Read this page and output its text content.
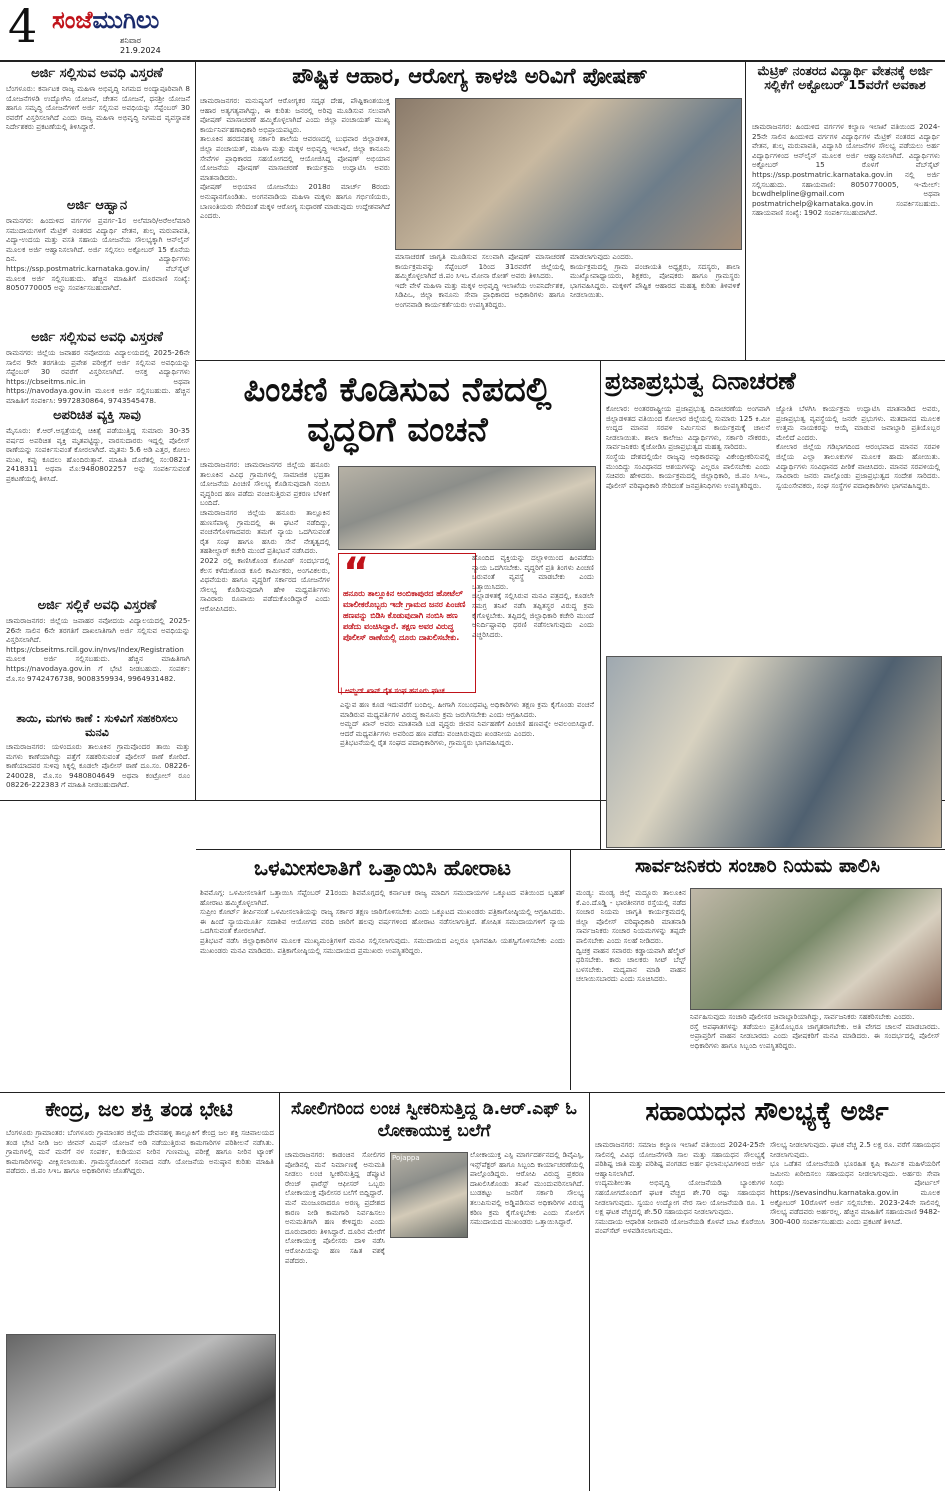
4 ಸಂಜೆಮುಗಿಲು
ಶನಿವಾರ
21.9.2024
ಅರ್ಜಿ ಸಲ್ಲಿಸುವ ಅವಧಿ ವಿಸ್ತರಣೆ
ಬೆಂಗಳೂರು: ಕರ್ನಾಟಕ ರಾಜ್ಯ ಮಹಿಳಾ ಅಭಿವೃದ್ಧಿ ನಿಗಮದ ಅಂದ್ಯಾಪೂರಿವಾಗಿ 8 ಯೋಜನೆಗಳಡಿ ಉದ್ಯೋಗಿನಿ ಯೋಜನೆ, ಚೇತನ ಯೋಜನೆ, ಧನಶ್ರೀ ಯೋಜನೆ ಹಾಗೂ ಸಮೃದ್ಧಿ ಯೋಜನೆಗಳಿಗೆ ಅರ್ಜಿ ಸಲ್ಲಿಸುವ ಅವಧಿಯನ್ನು ಸೆಪ್ಟೆಂಬರ್ 30 ರವರೆಗೆ ವಿಸ್ತರಿಸಲಾಗಿದೆ ಎಂದು ರಾಜ್ಯ ಮಹಿಳಾ ಅಭಿವೃದ್ಧಿ ನಿಗಮದ ವ್ಯವಸ್ಥಾಪಕ ನಿರ್ದೇಶಕರು ಪ್ರಕಟಣೆಯಲ್ಲಿ ತಿಳಿಸಿದ್ದಾರೆ.
ಅರ್ಜಿ ಆಹ್ವಾನ
ರಾಮನಗರ: ಹಿಂದುಳಿದ ವರ್ಗಗಳ ಪ್ರವರ್ಗ-1ರ ಅಲೆಮಾರಿ/ಅರೆಅಲೆಮಾರಿ ಸಮುದಾಯಗಳಿಗೆ ಮೆಟ್ರಿಕ್ ನಂತರದ ವಿದ್ಯಾರ್ಥಿ ವೇತನ, ಶುಲ್ಕ ಮರುಪಾವತಿ, ವಿದ್ಯಾ-ಉದಯ ಮತ್ತು ವಸತಿ ಸಹಾಯ ಯೋಜನೆಯ ಸೌಲಭ್ಯಕ್ಕಾಗಿ ಆನ್‍ಲೈನ್ ಮೂಲಕ ಅರ್ಜಿ ಆಹ್ವಾನಿಸಲಾಗಿದೆ. ಅರ್ಜಿ ಸಲ್ಲಿಸಲು ಅಕ್ಟೋಬರ್ 15 ಕೊನೆಯ ದಿನ. ವಿದ್ಯಾರ್ಥಿಗಳು https://ssp.postmatric.karnataka.gov.in/ ವೆಬ್‍ಸೈಟ್ ಮೂಲಕ ಅರ್ಜಿ ಸಲ್ಲಿಸಬಹುದು. ಹೆಚ್ಚಿನ ಮಾಹಿತಿಗೆ ದೂರವಾಣಿ ಸಂಖ್ಯೆ: 8050770005 ಅನ್ನು ಸಂಪರ್ಕಿಸಬಹುದಾಗಿದೆ.
ಅರ್ಜಿ ಸಲ್ಲಿಸುವ ಅವಧಿ ವಿಸ್ತರಣೆ
ರಾಮನಗರ: ಜಿಲ್ಲೆಯ ಜವಾಹರ ನವೋದಯ ವಿದ್ಯಾಲಯದಲ್ಲಿ 2025-26ನೇ ಸಾಲಿನ 9ನೇ ತರಗತಿಯ ಪ್ರವೇಶ ಪರೀಕ್ಷೆಗೆ ಅರ್ಜಿ ಸಲ್ಲಿಸುವ ಅವಧಿಯನ್ನು ಸೆಪ್ಟೆಂಬರ್ 30 ರವರೆಗೆ ವಿಸ್ತರಿಸಲಾಗಿದೆ. ಆಸಕ್ತ ವಿದ್ಯಾರ್ಥಿಗಳು https://cbseitms.nic.in ಅಥವಾ https://navodaya.gov.in ಮೂಲಕ ಅರ್ಜಿ ಸಲ್ಲಿಸಬಹುದು. ಹೆಚ್ಚಿನ ಮಾಹಿತಿಗೆ ಸಂಪರ್ಕಿಸಿ: 9972830864, 9743545478.
ಅಪರಿಚಿತ ವ್ಯಕ್ತಿ ಸಾವು
ಮೈಸೂರು: ಕೆ.ಆರ್.ಆಸ್ಪತ್ರೆಯಲ್ಲಿ ಚಿಕಿತ್ಸೆ ಪಡೆಯುತ್ತಿದ್ದ ಸುಮಾರು 30-35 ವರ್ಷದ ಅಪರಿಚಿತ ವ್ಯಕ್ತಿ ಮೃತಪಟ್ಟಿದ್ದು, ವಾರಸುದಾರರು ಇದ್ದಲ್ಲಿ ಪೊಲೀಸ್ ಠಾಣೆಯನ್ನು ಸಂಪರ್ಕಿಸುವಂತೆ ಕೋರಲಾಗಿದೆ. ಮೃತನು 5.6 ಅಡಿ ಎತ್ತರ, ಕೋಲು ಮುಖ, ಕಪ್ಪು ಕೂದಲು ಹೊಂದಿರುತ್ತಾನೆ. ಮಾಹಿತಿ ದೊರೆತಲ್ಲಿ ಸಂ:0821-2418311 ಅಥವಾ ಮೊ:9480802257 ಅನ್ನು ಸಂಪರ್ಕಿಸುವಂತೆ ಪ್ರಕಟಣೆಯಲ್ಲಿ ತಿಳಿಸಿದೆ.
ಅರ್ಜಿ ಸಲ್ಲಿಕೆ ಅವಧಿ ವಿಸ್ತರಣೆ
ಚಾಮರಾಜನಗರ: ಜಿಲ್ಲೆಯ ಜವಾಹರ ನವೋದಯ ವಿದ್ಯಾಲಯದಲ್ಲಿ 2025-26ನೇ ಸಾಲಿನ 6ನೇ ತರಗತಿಗೆ ದಾಖಲಾತಿಗಾಗಿ ಅರ್ಜಿ ಸಲ್ಲಿಸುವ ಅವಧಿಯನ್ನು ವಿಸ್ತರಿಸಲಾಗಿದೆ. https://cbseitms.rcil.gov.in/nvs/Index/Registration ಮೂಲಕ ಅರ್ಜಿ ಸಲ್ಲಿಸಬಹುದು. ಹೆಚ್ಚಿನ ಮಾಹಿತಿಗಾಗಿ https://navodaya.gov.in ಗೆ ಭೇಟಿ ನೀಡಬಹುದು. ಸಂಪರ್ಕ: ಮೊ.ಸಂ 9742476738, 9008359934, 9964931482.
ತಾಯಿ, ಮಗಳು ಕಾಣೆ : ಸುಳಿವಿಗೆ ಸಹಕರಿಸಲು ಮನವಿ
ಚಾಮರಾಜನಗರ: ಯಳಂದೂರು ತಾಲೂಕಿನ ಗ್ರಾಮವೊಂದರ ತಾಯಿ ಮತ್ತು ಮಗಳು ಕಾಣೆಯಾಗಿದ್ದು ಪತ್ತೆಗೆ ಸಹಕರಿಸುವಂತೆ ಪೊಲೀಸ್ ಠಾಣೆ ಕೋರಿದೆ. ಕಾಣೆಯಾದವರ ಸುಳಿವು ಸಿಕ್ಕಲ್ಲಿ ಕೂಡಲೇ ಪೊಲೀಸ್ ಠಾಣೆ ದೂ.ಸಂ. 08226-240028, ಮೊ.ಸಂ 9480804649 ಅಥವಾ ಕಂಟ್ರೋಲ್ ರೂಂ 08226-222383 ಗೆ ಮಾಹಿತಿ ನೀಡಬಹುದಾಗಿದೆ.
ಪೌಷ್ಟಿಕ ಆಹಾರ, ಆರೋಗ್ಯ ಕಾಳಜಿ ಅರಿವಿಗೆ ಪೋಷಣ್
ಚಾಮರಾಜನಗರ: ಮನುಷ್ಯನಿಗೆ ಆರೋಗ್ಯಕರ ಸದೃಢ ದೇಹ, ಪೌಷ್ಟಿಕಾಂಶಯುಕ್ತ ಆಹಾರ ಅತ್ಯಗತ್ಯವಾಗಿದ್ದು, ಈ ಕುರಿತು ಜನರಲ್ಲಿ ಅರಿವು ಮೂಡಿಸುವ ಸಲುವಾಗಿ ಪೋಷಣ್ ಮಾಸಾಚರಣೆ ಹಮ್ಮಿಕೊಳ್ಳಲಾಗಿದೆ ಎಂದು ಜಿಲ್ಲಾ ಪಂಚಾಯತ್ ಮುಖ್ಯ ಕಾರ್ಯನಿರ್ವಹಣಾಧಿಕಾರಿ ಅಭಿಪ್ರಾಯಪಟ್ಟರು.
ತಾಲೂಕಿನ ಹರದನಹಳ್ಳಿ ಸರ್ಕಾರಿ ಶಾಲೆಯ ಆವರಣದಲ್ಲಿ ಬುಧವಾರ ಜಿಲ್ಲಾಡಳಿತ, ಜಿಲ್ಲಾ ಪಂಚಾಯತ್, ಮಹಿಳಾ ಮತ್ತು ಮಕ್ಕಳ ಅಭಿವೃದ್ಧಿ ಇಲಾಖೆ, ಜಿಲ್ಲಾ ಕಾನೂನು ಸೇವೆಗಳ ಪ್ರಾಧಿಕಾರದ ಸಹಯೋಗದಲ್ಲಿ ಆಯೋಜಿಸಿದ್ದ ಪೋಷಣ್ ಅಭಿಯಾನ ಯೋಜನೆಯ ಪೋಷಣ್ ಮಾಸಾಚರಣೆ ಕಾರ್ಯಕ್ರಮ ಉದ್ಘಾಟಿಸಿ ಅವರು ಮಾತನಾಡಿದರು.
ಪೋಷಣ್ ಅಭಿಯಾನ ಯೋಜನೆಯು 2018ರ ಮಾರ್ಚ್ 8ರಂದು ಅನುಷ್ಠಾನಗೊಂಡಿತು. ಅಂಗನವಾಡಿಯ ಮಹಿಳಾ ಮಕ್ಕಳು ಹಾಗೂ ಗರ್ಭಿಣಿಯರು, ಬಾಣಂತಿಯರು ಸೇರಿದಂತೆ ಮಕ್ಕಳ ಆರೋಗ್ಯ ಸುಧಾರಣೆ ಮಾಡುವುದು ಉದ್ದೇಶವಾಗಿದೆ ಎಂದರು.
ಮಾಸಾಚರಣೆ ಜಾಗೃತಿ ಮೂಡಿಸುವ ಸಲುವಾಗಿ ಪೋಷಣ್ ಮಾಸಾಚರಣೆ ಕಾರ್ಯಕ್ರಮವನ್ನು ಸೆಪ್ಟೆಂಬರ್ 1ರಿಂದ 31ರವರೆಗೆ ಜಿಲ್ಲೆಯಲ್ಲಿ ಹಮ್ಮಿಕೊಳ್ಳಲಾಗಿದೆ ಜಿ.ಪಂ ಸಿಇಒ ಮೋನಾ ರೋತ್ ಅವರು ತಿಳಿಸಿದರು.
ಇದೇ ವೇಳೆ ಮಹಿಳಾ ಮತ್ತು ಮಕ್ಕಳ ಅಭಿವೃದ್ಧಿ ಇಲಾಖೆಯ ಉಪನಿರ್ದೇಶಕ, ಸಿಡಿಪಿಒ, ಜಿಲ್ಲಾ ಕಾನೂನು ಸೇವಾ ಪ್ರಾಧಿಕಾರದ ಅಧಿಕಾರಿಗಳು ಹಾಗೂ ಅಂಗನವಾಡಿ ಕಾರ್ಯಕರ್ತೆಯರು ಉಪಸ್ಥಿತರಿದ್ದರು.
ಮಾಡಲಾಗುವುದು ಎಂದರು.
ಕಾರ್ಯಕ್ರಮದಲ್ಲಿ ಗ್ರಾಮ ಪಂಚಾಯತಿ ಅಧ್ಯಕ್ಷರು, ಸದಸ್ಯರು, ಶಾಲಾ ಮುಖ್ಯೋಪಾಧ್ಯಾಯರು, ಶಿಕ್ಷಕರು, ಪೋಷಕರು ಹಾಗೂ ಗ್ರಾಮಸ್ಥರು ಭಾಗವಹಿಸಿದ್ದರು. ಮಕ್ಕಳಿಗೆ ಪೌಷ್ಟಿಕ ಆಹಾರದ ಮಹತ್ವ ಕುರಿತು ತಿಳಿವಳಿಕೆ ನೀಡಲಾಯಿತು.
ಮೆಟ್ರಿಕ್ ನಂತರದ ವಿದ್ಯಾರ್ಥಿ ವೇತನಕ್ಕೆ ಅರ್ಜಿ ಸಲ್ಲಿಕೆಗೆ ಅಕ್ಟೋಬರ್ 15ವರೆಗೆ ಅವಕಾಶ
ಚಾಮರಾಜನಗರ: ಹಿಂದುಳಿದ ವರ್ಗಗಳ ಕಲ್ಯಾಣ ಇಲಾಖೆ ವತಿಯಿಂದ 2024-25ನೇ ಸಾಲಿನ ಹಿಂದುಳಿದ ವರ್ಗಗಳ ವಿದ್ಯಾರ್ಥಿಗಳ ಮೆಟ್ರಿಕ್ ನಂತರದ ವಿದ್ಯಾರ್ಥಿ ವೇತನ, ಶುಲ್ಕ ಮರುಪಾವತಿ, ವಿದ್ಯಾಸಿರಿ ಯೋಜನೆಗಳ ಸೌಲಭ್ಯ ಪಡೆಯಲು ಅರ್ಹ ವಿದ್ಯಾರ್ಥಿಗಳಿಂದ ಆನ್‍ಲೈನ್ ಮೂಲಕ ಅರ್ಜಿ ಆಹ್ವಾನಿಸಲಾಗಿದೆ. ವಿದ್ಯಾರ್ಥಿಗಳು ಅಕ್ಟೋಬರ್ 15 ರೊಳಗೆ ವೆಬ್‍ಸೈಟ್ https://ssp.postmatric.karnataka.gov.in ನಲ್ಲಿ ಅರ್ಜಿ ಸಲ್ಲಿಸಬಹುದು. ಸಹಾಯವಾಣಿ: 8050770005, ಇ-ಮೇಲ್: bcwdhelpline@gmail.com ಅಥವಾ postmatrichelp@karnataka.gov.in ಸಂಪರ್ಕಿಸಬಹುದು. ಸಹಾಯವಾಣಿ ಸಂಖ್ಯೆ: 1902 ಸಂಪರ್ಕಿಸಬಹುದಾಗಿದೆ.
ಪಿಂಚಣಿ ಕೊಡಿಸುವ ನೆಪದಲ್ಲಿ ವೃದ್ಧರಿಗೆ ವಂಚನೆ
ಚಾಮರಾಜನಗರ: ಚಾಮರಾಜನಗರ ಜಿಲ್ಲೆಯ ಹನೂರು ತಾಲೂಕಿನ ವಿವಿಧ ಗ್ರಾಮಗಳಲ್ಲಿ ಸಾಮಾಜಿಕ ಭದ್ರತಾ ಯೋಜನೆಯ ಪಿಂಚಣಿ ಸೌಲಭ್ಯ ಕೊಡಿಸುವುದಾಗಿ ನಂಬಿಸಿ ವೃದ್ಧರಿಂದ ಹಣ ಪಡೆದು ವಂಚಿಸುತ್ತಿರುವ ಪ್ರಕರಣ ಬೆಳಕಿಗೆ ಬಂದಿದೆ.
ಚಾಮರಾಜನಗರ ಜಿಲ್ಲೆಯ ಹನೂರು ತಾಲ್ಲೂಕಿನ ಹುಣಸೆಪಾಳ್ಯ ಗ್ರಾಮದಲ್ಲಿ ಈ ಘಟನೆ ನಡೆದಿದ್ದು, ವಂಚನೆಗೊಳಗಾದವರು ತಮಗೆ ನ್ಯಾಯ ಒದಗಿಸುವಂತೆ ರೈತ ಸಂಘ ಹಾಗೂ ಹಸಿರು ಸೇನೆ ನೇತೃತ್ವದಲ್ಲಿ ತಹಶೀಲ್ದಾರ್ ಕಚೇರಿ ಮುಂದೆ ಪ್ರತಿಭಟನೆ ನಡೆಸಿದರು.
2022 ರಲ್ಲಿ ಕಾಣಿಸಿಕೊಂಡ ಕೋವಿಡ್ ಸಂದರ್ಭದಲ್ಲಿ ಕೆಲಸ ಕಳೆದುಕೊಂಡ ಕೂಲಿ ಕಾರ್ಮಿಕರು, ಅಂಗವಿಕಲರು, ವಿಧವೆಯರು ಹಾಗೂ ವೃದ್ಧರಿಗೆ ಸರ್ಕಾರದ ಯೋಜನೆಗಳ ಸೌಲಭ್ಯ ಕೊಡಿಸುವುದಾಗಿ ಹೇಳಿ ಮಧ್ಯವರ್ತಿಗಳು ಸಾವಿರಾರು ರೂಪಾಯಿ ಪಡೆದುಕೊಂಡಿದ್ದಾರೆ ಎಂದು ಆರೋಪಿಸಿದರು.
“
ಹನೂರು ತಾಲ್ಲೂಕಿನ ಅಂಬಿಕಾಪುರದ ಹೋಟೆಲ್ ಮಾಲೀಕರೊಬ್ಬರು ಇದೇ ಗ್ರಾಮದ ಜನರ ಪಿಂಚಣಿ ಹಣವನ್ನು ಬಿಡಿಸಿ ಕೊಡುವುದಾಗಿ ನಂಬಿಸಿ ಹಣ ಪಡೆದು ವಂಚಿಸಿದ್ದಾರೆ. ತಕ್ಷಣ ಅವರ ವಿರುದ್ಧ ಪೊಲೀಸ್ ಠಾಣೆಯಲ್ಲಿ ದೂರು ದಾಖಲಿಸಬೇಕು.
| ಅಮ್ಜದ್ ಖಾನ್ ರೈತ ಸಂಘ ಹನೂರು ಘಟಕ
ಹೊಂದಿದ ವ್ಯಕ್ತಿಯನ್ನು ದಲ್ಲಾಳಿಯಿಂದ ಹಿಂಪಡೆದು ನ್ಯಾಯ ಒದಗಿಸಬೇಕು. ವೃದ್ಧರಿಗೆ ಪ್ರತಿ ತಿಂಗಳು ಪಿಂಚಣಿ ಬರುವಂತೆ ವ್ಯವಸ್ಥೆ ಮಾಡಬೇಕು ಎಂದು ಒತ್ತಾಯಿಸಿದರು.
ಜಿಲ್ಲಾಡಳಿತಕ್ಕೆ ಸಲ್ಲಿಸಿರುವ ಮನವಿ ಪತ್ರದಲ್ಲಿ, ಕೂಡಲೇ ಸಮಗ್ರ ತನಿಖೆ ನಡೆಸಿ ತಪ್ಪಿತಸ್ಥರ ವಿರುದ್ಧ ಕ್ರಮ ಕೈಗೊಳ್ಳಬೇಕು. ತಪ್ಪಿದಲ್ಲಿ ಜಿಲ್ಲಾಧಿಕಾರಿ ಕಚೇರಿ ಮುಂದೆ ಅನಿರ್ದಿಷ್ಟಾವಧಿ ಧರಣಿ ನಡೆಸಲಾಗುವುದು ಎಂದು ಎಚ್ಚರಿಸಿದರು.
ಎನ್ನುವ ಹಣ ಕೂಡ ಇದುವರೆಗೆ ಬಂದಿಲ್ಲ. ಹೀಗಾಗಿ ಸಂಬಂಧಪಟ್ಟ ಅಧಿಕಾರಿಗಳು ತಕ್ಷಣ ಕ್ರಮ ಕೈಗೊಂಡು ವಂಚನೆ ಮಾಡಿರುವ ಮಧ್ಯವರ್ತಿಗಳ ವಿರುದ್ಧ ಕಾನೂನು ಕ್ರಮ ಜರುಗಿಸಬೇಕು ಎಂದು ಆಗ್ರಹಿಸಿದರು.
ಅಮ್ಜದ್ ಖಾನ್ ಅವರು ಮಾತನಾಡಿ ಬಡ ವೃದ್ಧರು ಜೀವನ ನಿರ್ವಹಣೆಗೆ ಪಿಂಚಣಿ ಹಣವನ್ನೇ ಅವಲಂಬಿಸಿದ್ದಾರೆ. ಆದರೆ ಮಧ್ಯವರ್ತಿಗಳು ಅವರಿಂದ ಹಣ ಪಡೆದು ವಂಚಿಸಿರುವುದು ಖಂಡನೀಯ ಎಂದರು.
ಪ್ರತಿಭಟನೆಯಲ್ಲಿ ರೈತ ಸಂಘದ ಪದಾಧಿಕಾರಿಗಳು, ಗ್ರಾಮಸ್ಥರು ಭಾಗವಹಿಸಿದ್ದರು.
ಪ್ರಜಾಪ್ರಭುತ್ವ ದಿನಾಚರಣೆ
ಕೋಲಾರ: ಅಂತರರಾಷ್ಟ್ರೀಯ ಪ್ರಜಾಪ್ರಭುತ್ವ ದಿನಾಚರಣೆಯ ಅಂಗವಾಗಿ ಜಿಲ್ಲಾಡಳಿತದ ವತಿಯಿಂದ ಕೋಲಾರ ಜಿಲ್ಲೆಯಲ್ಲಿ ಸುಮಾರು 125 ಕಿ.ಮೀ ಉದ್ದದ ಮಾನವ ಸರಪಳಿ ನಿರ್ಮಿಸುವ ಕಾರ್ಯಕ್ರಮಕ್ಕೆ ಚಾಲನೆ ನೀಡಲಾಯಿತು. ಶಾಲಾ ಕಾಲೇಜು ವಿದ್ಯಾರ್ಥಿಗಳು, ಸರ್ಕಾರಿ ನೌಕರರು, ಸಾರ್ವಜನಿಕರು ಕೈಜೋಡಿಸಿ ಪ್ರಜಾಪ್ರಭುತ್ವದ ಮಹತ್ವ ಸಾರಿದರು.
ಸಂಸ್ಥೆಯ ದೇಶದಲ್ಲಿಯೇ ರಾಜ್ಯವು ಅಧಿಕಾರವನ್ನು ವಿಕೇಂದ್ರೀಕರಿಸುವಲ್ಲಿ ಮುಂದಿದ್ದು ಸಂವಿಧಾನದ ಆಶಯಗಳನ್ನು ಎಲ್ಲರೂ ಪಾಲಿಸಬೇಕು ಎಂದು ಸಚಿವರು ಹೇಳಿದರು. ಕಾರ್ಯಕ್ರಮದಲ್ಲಿ ಜಿಲ್ಲಾಧಿಕಾರಿ, ಜಿ.ಪಂ ಸಿಇಒ, ಪೊಲೀಸ್ ವರಿಷ್ಠಾಧಿಕಾರಿ ಸೇರಿದಂತೆ ಜನಪ್ರತಿನಿಧಿಗಳು ಉಪಸ್ಥಿತರಿದ್ದರು.
ಜ್ಯೋತಿ ಬೆಳಗಿಸಿ ಕಾರ್ಯಕ್ರಮ ಉದ್ಘಾಟಿಸಿ ಮಾತನಾಡಿದ ಅವರು, ಪ್ರಜಾಪ್ರಭುತ್ವ ವ್ಯವಸ್ಥೆಯಲ್ಲಿ ಜನರೇ ಪ್ರಭುಗಳು. ಮತದಾನದ ಮೂಲಕ ಉತ್ತಮ ನಾಯಕರನ್ನು ಆಯ್ಕೆ ಮಾಡುವ ಜವಾಬ್ದಾರಿ ಪ್ರತಿಯೊಬ್ಬರ ಮೇಲಿದೆ ಎಂದರು.
ಕೋಲಾರ ಜಿಲ್ಲೆಯ ಗಡಿಭಾಗದಿಂದ ಆರಂಭವಾದ ಮಾನವ ಸರಪಳಿ ಜಿಲ್ಲೆಯ ಎಲ್ಲಾ ತಾಲೂಕುಗಳ ಮೂಲಕ ಹಾದು ಹೋಯಿತು. ವಿದ್ಯಾರ್ಥಿಗಳು ಸಂವಿಧಾನದ ಪೀಠಿಕೆ ವಾಚಿಸಿದರು. ಮಾನವ ಸರಪಳಿಯಲ್ಲಿ ಸಾವಿರಾರು ಜನರು ಪಾಲ್ಗೊಂಡು ಪ್ರಜಾಪ್ರಭುತ್ವದ ಸಂದೇಶ ಸಾರಿದರು. ಸ್ವಯಂಸೇವಕರು, ಸಂಘ ಸಂಸ್ಥೆಗಳ ಪದಾಧಿಕಾರಿಗಳು ಭಾಗವಹಿಸಿದ್ದರು.
ಒಳಮೀಸಲಾತಿಗೆ ಒತ್ತಾಯಿಸಿ ಹೋರಾಟ
ಶಿವಮೊಗ್ಗ: ಒಳಮೀಸಲಾತಿಗೆ ಒತ್ತಾಯಿಸಿ ಸೆಪ್ಟೆಂಬರ್ 21ರಂದು ಶಿವಮೊಗ್ಗದಲ್ಲಿ ಕರ್ನಾಟಕ ರಾಜ್ಯ ಮಾದಿಗ ಸಮುದಾಯಗಳ ಒಕ್ಕೂಟದ ವತಿಯಿಂದ ಬೃಹತ್ ಹೋರಾಟ ಹಮ್ಮಿಕೊಳ್ಳಲಾಗಿದೆ.
ಸುಪ್ರೀಂ ಕೋರ್ಟ್ ತೀರ್ಪಿನಂತೆ ಒಳಮೀಸಲಾತಿಯನ್ನು ರಾಜ್ಯ ಸರ್ಕಾರ ತಕ್ಷಣ ಜಾರಿಗೊಳಿಸಬೇಕು ಎಂದು ಒಕ್ಕೂಟದ ಮುಖಂಡರು ಪತ್ರಿಕಾಗೋಷ್ಠಿಯಲ್ಲಿ ಆಗ್ರಹಿಸಿದರು. ಈ ಹಿಂದೆ ನ್ಯಾಯಮೂರ್ತಿ ಸದಾಶಿವ ಆಯೋಗದ ವರದಿ ಜಾರಿಗೆ ಹಲವು ವರ್ಷಗಳಿಂದ ಹೋರಾಟ ನಡೆಸಲಾಗುತ್ತಿದೆ. ಶೋಷಿತ ಸಮುದಾಯಗಳಿಗೆ ನ್ಯಾಯ ಒದಗಿಸುವಂತೆ ಕೋರಲಾಗಿದೆ.
ಪ್ರತಿಭಟನೆ ನಡೆಸಿ ಜಿಲ್ಲಾಧಿಕಾರಿಗಳ ಮೂಲಕ ಮುಖ್ಯಮಂತ್ರಿಗಳಿಗೆ ಮನವಿ ಸಲ್ಲಿಸಲಾಗುವುದು. ಸಮುದಾಯದ ಎಲ್ಲರೂ ಭಾಗವಹಿಸಿ ಯಶಸ್ವಿಗೊಳಿಸಬೇಕು ಎಂದು ಮುಖಂಡರು ಮನವಿ ಮಾಡಿದರು. ಪತ್ರಿಕಾಗೋಷ್ಠಿಯಲ್ಲಿ ಸಮುದಾಯದ ಪ್ರಮುಖರು ಉಪಸ್ಥಿತರಿದ್ದರು.
ಸಾರ್ವಜನಿಕರು ಸಂಚಾರಿ ನಿಯಮ ಪಾಲಿಸಿ
ಮಂಡ್ಯ: ಮಂಡ್ಯ ಜಿಲ್ಲೆ ಮದ್ದೂರು ತಾಲೂಕಿನ ಕೆ.ಎಂ.ದೊಡ್ಡಿ - ಭಾರತೀನಗರ ರಸ್ತೆಯಲ್ಲಿ ನಡೆದ ಸಂಚಾರ ನಿಯಮ ಜಾಗೃತಿ ಕಾರ್ಯಕ್ರಮದಲ್ಲಿ ಜಿಲ್ಲಾ ಪೊಲೀಸ್ ವರಿಷ್ಠಾಧಿಕಾರಿ ಮಾತನಾಡಿ ಸಾರ್ವಜನಿಕರು ಸಂಚಾರ ನಿಯಮಗಳನ್ನು ತಪ್ಪದೇ ಪಾಲಿಸಬೇಕು ಎಂದು ಸಲಹೆ ನೀಡಿದರು.
ದ್ವಿಚಕ್ರ ವಾಹನ ಸವಾರರು ಕಡ್ಡಾಯವಾಗಿ ಹೆಲ್ಮೆಟ್ ಧರಿಸಬೇಕು. ಕಾರು ಚಾಲಕರು ಸೀಟ್ ಬೆಲ್ಟ್ ಬಳಸಬೇಕು. ಮದ್ಯಪಾನ ಮಾಡಿ ವಾಹನ ಚಲಾಯಿಸಬಾರದು ಎಂದು ಸೂಚಿಸಿದರು.
ನಿರ್ವಹಿಸುವುದು ಸಂಚಾರಿ ಪೊಲೀಸರ ಜವಾಬ್ದಾರಿಯಾಗಿದ್ದು, ಸಾರ್ವಜನಿಕರು ಸಹಕರಿಸಬೇಕು ಎಂದರು.
ರಸ್ತೆ ಅಪಘಾತಗಳನ್ನು ತಡೆಯಲು ಪ್ರತಿಯೊಬ್ಬರೂ ಜಾಗೃತರಾಗಬೇಕು. ಅತಿ ವೇಗದ ಚಾಲನೆ ಮಾಡಬಾರದು. ಅಪ್ರಾಪ್ತರಿಗೆ ವಾಹನ ನೀಡಬಾರದು ಎಂದು ಪೋಷಕರಿಗೆ ಮನವಿ ಮಾಡಿದರು. ಈ ಸಂದರ್ಭದಲ್ಲಿ ಪೊಲೀಸ್ ಅಧಿಕಾರಿಗಳು ಹಾಗೂ ಸಿಬ್ಬಂದಿ ಉಪಸ್ಥಿತರಿದ್ದರು.
ಕೇಂದ್ರ, ಜಲ ಶಕ್ತಿ ತಂಡ ಭೇಟಿ
ಬೆಂಗಳೂರು ಗ್ರಾಮಾಂತರ: ಬೆಂಗಳೂರು ಗ್ರಾಮಾಂತರ ಜಿಲ್ಲೆಯ ದೇವನಹಳ್ಳಿ ತಾಲ್ಲೂಕಿಗೆ ಕೇಂದ್ರ ಜಲ ಶಕ್ತಿ ಸಚಿವಾಲಯದ ತಂಡ ಭೇಟಿ ನೀಡಿ ಜಲ ಜೀವನ್ ಮಿಷನ್ ಯೋಜನೆ ಅಡಿ ನಡೆಯುತ್ತಿರುವ ಕಾಮಗಾರಿಗಳ ಪರಿಶೀಲನೆ ನಡೆಸಿತು. ಗ್ರಾಮಗಳಲ್ಲಿ ಮನೆ ಮನೆಗೆ ನಳ ಸಂಪರ್ಕ, ಕುಡಿಯುವ ನೀರಿನ ಗುಣಮಟ್ಟ ಪರೀಕ್ಷೆ ಹಾಗೂ ನೀರಿನ ಟ್ಯಾಂಕ್ ಕಾಮಗಾರಿಗಳನ್ನು ವೀಕ್ಷಿಸಲಾಯಿತು. ಗ್ರಾಮಸ್ಥರೊಂದಿಗೆ ಸಂವಾದ ನಡೆಸಿ ಯೋಜನೆಯ ಅನುಷ್ಠಾನ ಕುರಿತು ಮಾಹಿತಿ ಪಡೆದರು. ಜಿ.ಪಂ ಸಿಇಒ ಹಾಗೂ ಅಧಿಕಾರಿಗಳು ಜೊತೆಗಿದ್ದರು.
ಸೋಲಿಗರಿಂದ ಲಂಚ ಸ್ವೀಕರಿಸುತ್ತಿದ್ದ ಡಿ.ಆರ್.ಎಫ್ ಓ ಲೋಕಾಯುಕ್ತ ಬಲೆಗೆ
ಚಾಮರಾಜನಗರ: ಕಾಡಂಚಿನ ಸೋಲಿಗರ ಪೋಡಿನಲ್ಲಿ ಮನೆ ನಿರ್ಮಾಣಕ್ಕೆ ಅನುಮತಿ ನೀಡಲು ಲಂಚ ಸ್ವೀಕರಿಸುತ್ತಿದ್ದ ಡೆಪ್ಯೂಟಿ ರೇಂಜ್ ಫಾರೆಸ್ಟ್ ಆಫೀಸರ್ ಒಬ್ಬರು ಲೋಕಾಯುಕ್ತ ಪೊಲೀಸರ ಬಲೆಗೆ ಬಿದ್ದಿದ್ದಾರೆ.
ಮನೆ ಮಂಜೂರಾದರೂ ಅರಣ್ಯ ಪ್ರದೇಶದ ಕಾರಣ ನೀಡಿ ಕಾಮಗಾರಿ ನಿರ್ವಹಿಸಲು ಅನುಮತಿಗಾಗಿ ಹಣ ಕೇಳಿದ್ದರು ಎಂದು ದೂರುದಾರರು ತಿಳಿಸಿದ್ದಾರೆ. ದೂರಿನ ಮೇರೆಗೆ ಲೋಕಾಯುಕ್ತ ಪೊಲೀಸರು ದಾಳಿ ನಡೆಸಿ ಆರೋಪಿಯನ್ನು ಹಣ ಸಹಿತ ವಶಕ್ಕೆ ಪಡೆದರು.
Pojappa	ಲೋಕಾಯುಕ್ತ ಎಸ್ಪಿ ಮಾರ್ಗದರ್ಶನದಲ್ಲಿ ಡಿವೈಎಸ್ಪಿ, ಇನ್ಸ್‌ಪೆಕ್ಟರ್ ಹಾಗೂ ಸಿಬ್ಬಂದಿ ಕಾರ್ಯಾಚರಣೆಯಲ್ಲಿ ಪಾಲ್ಗೊಂಡಿದ್ದರು. ಆರೋಪಿ ವಿರುದ್ಧ ಪ್ರಕರಣ ದಾಖಲಿಸಿಕೊಂಡು ತನಿಖೆ ಮುಂದುವರಿಸಲಾಗಿದೆ. ಬುಡಕಟ್ಟು ಜನರಿಗೆ ಸರ್ಕಾರಿ ಸೌಲಭ್ಯ ತಲುಪಿಸುವಲ್ಲಿ ಅಡ್ಡಿಪಡಿಸುವ ಅಧಿಕಾರಿಗಳ ವಿರುದ್ಧ ಕಠಿಣ ಕ್ರಮ ಕೈಗೊಳ್ಳಬೇಕು ಎಂದು ಸೋಲಿಗ ಸಮುದಾಯದ ಮುಖಂಡರು ಒತ್ತಾಯಿಸಿದ್ದಾರೆ.
ಸಹಾಯಧನ ಸೌಲಭ್ಯಕ್ಕೆ ಅರ್ಜಿ
ಚಾಮರಾಜನಗರ: ಸಮಾಜ ಕಲ್ಯಾಣ ಇಲಾಖೆ ವತಿಯಿಂದ 2024-25ನೇ ಸಾಲಿನಲ್ಲಿ ವಿವಿಧ ಯೋಜನೆಗಳಡಿ ಸಾಲ ಮತ್ತು ಸಹಾಯಧನ ಸೌಲಭ್ಯಕ್ಕೆ ಪರಿಶಿಷ್ಟ ಜಾತಿ ಮತ್ತು ಪರಿಶಿಷ್ಟ ಪಂಗಡದ ಅರ್ಹ ಫಲಾನುಭವಿಗಳಿಂದ ಅರ್ಜಿ ಆಹ್ವಾನಿಸಲಾಗಿದೆ.
ಉದ್ಯಮಶೀಲತಾ ಅಭಿವೃದ್ಧಿ ಯೋಜನೆಯಡಿ ಬ್ಯಾಂಕುಗಳ ಸಹಯೋಗದೊಂದಿಗೆ ಘಟಕ ವೆಚ್ಚದ ಶೇ.70 ರಷ್ಟು ಸಹಾಯಧನ ನೀಡಲಾಗುವುದು. ಸ್ವಯಂ ಉದ್ಯೋಗ ನೇರ ಸಾಲ ಯೋಜನೆಯಡಿ ರೂ. 1 ಲಕ್ಷ ಘಟಕ ವೆಚ್ಚದಲ್ಲಿ ಶೇ.50 ಸಹಾಯಧನ ನೀಡಲಾಗುವುದು.
ಸಮುದಾಯ ಆಧಾರಿತ ನೀರಾವರಿ ಯೋಜನೆಯಡಿ ಕೊಳವೆ ಬಾವಿ ಕೊರೆಯಿಸಿ ಪಂಪ್‍ಸೆಟ್ ಅಳವಡಿಸಲಾಗುವುದು.
ಸೌಲಭ್ಯ ನೀಡಲಾಗುವುದು. ಘಟಕ ವೆಚ್ಚ 2.5 ಲಕ್ಷ ರೂ. ವರೆಗೆ ಸಹಾಯಧನ ನೀಡಲಾಗುವುದು.
ಭೂ ಒಡೆತನ ಯೋಜನೆಯಡಿ ಭೂರಹಿತ ಕೃಷಿ ಕಾರ್ಮಿಕ ಮಹಿಳೆಯರಿಗೆ ಜಮೀನು ಖರೀದಿಸಲು ಸಹಾಯಧನ ನೀಡಲಾಗುವುದು. ಅರ್ಹರು ಸೇವಾ ಸಿಂಧು ಪೋರ್ಟಲ್ https://sevasindhu.karnataka.gov.in ಮೂಲಕ ಅಕ್ಟೋಬರ್ 10ರೊಳಗೆ ಅರ್ಜಿ ಸಲ್ಲಿಸಬೇಕು. 2023-24ನೇ ಸಾಲಿನಲ್ಲಿ ಸೌಲಭ್ಯ ಪಡೆದವರು ಅರ್ಹರಲ್ಲ. ಹೆಚ್ಚಿನ ಮಾಹಿತಿಗೆ ಸಹಾಯವಾಣಿ 9482-300-400 ಸಂಪರ್ಕಿಸಬಹುದು ಎಂದು ಪ್ರಕಟಣೆ ತಿಳಿಸಿದೆ.
